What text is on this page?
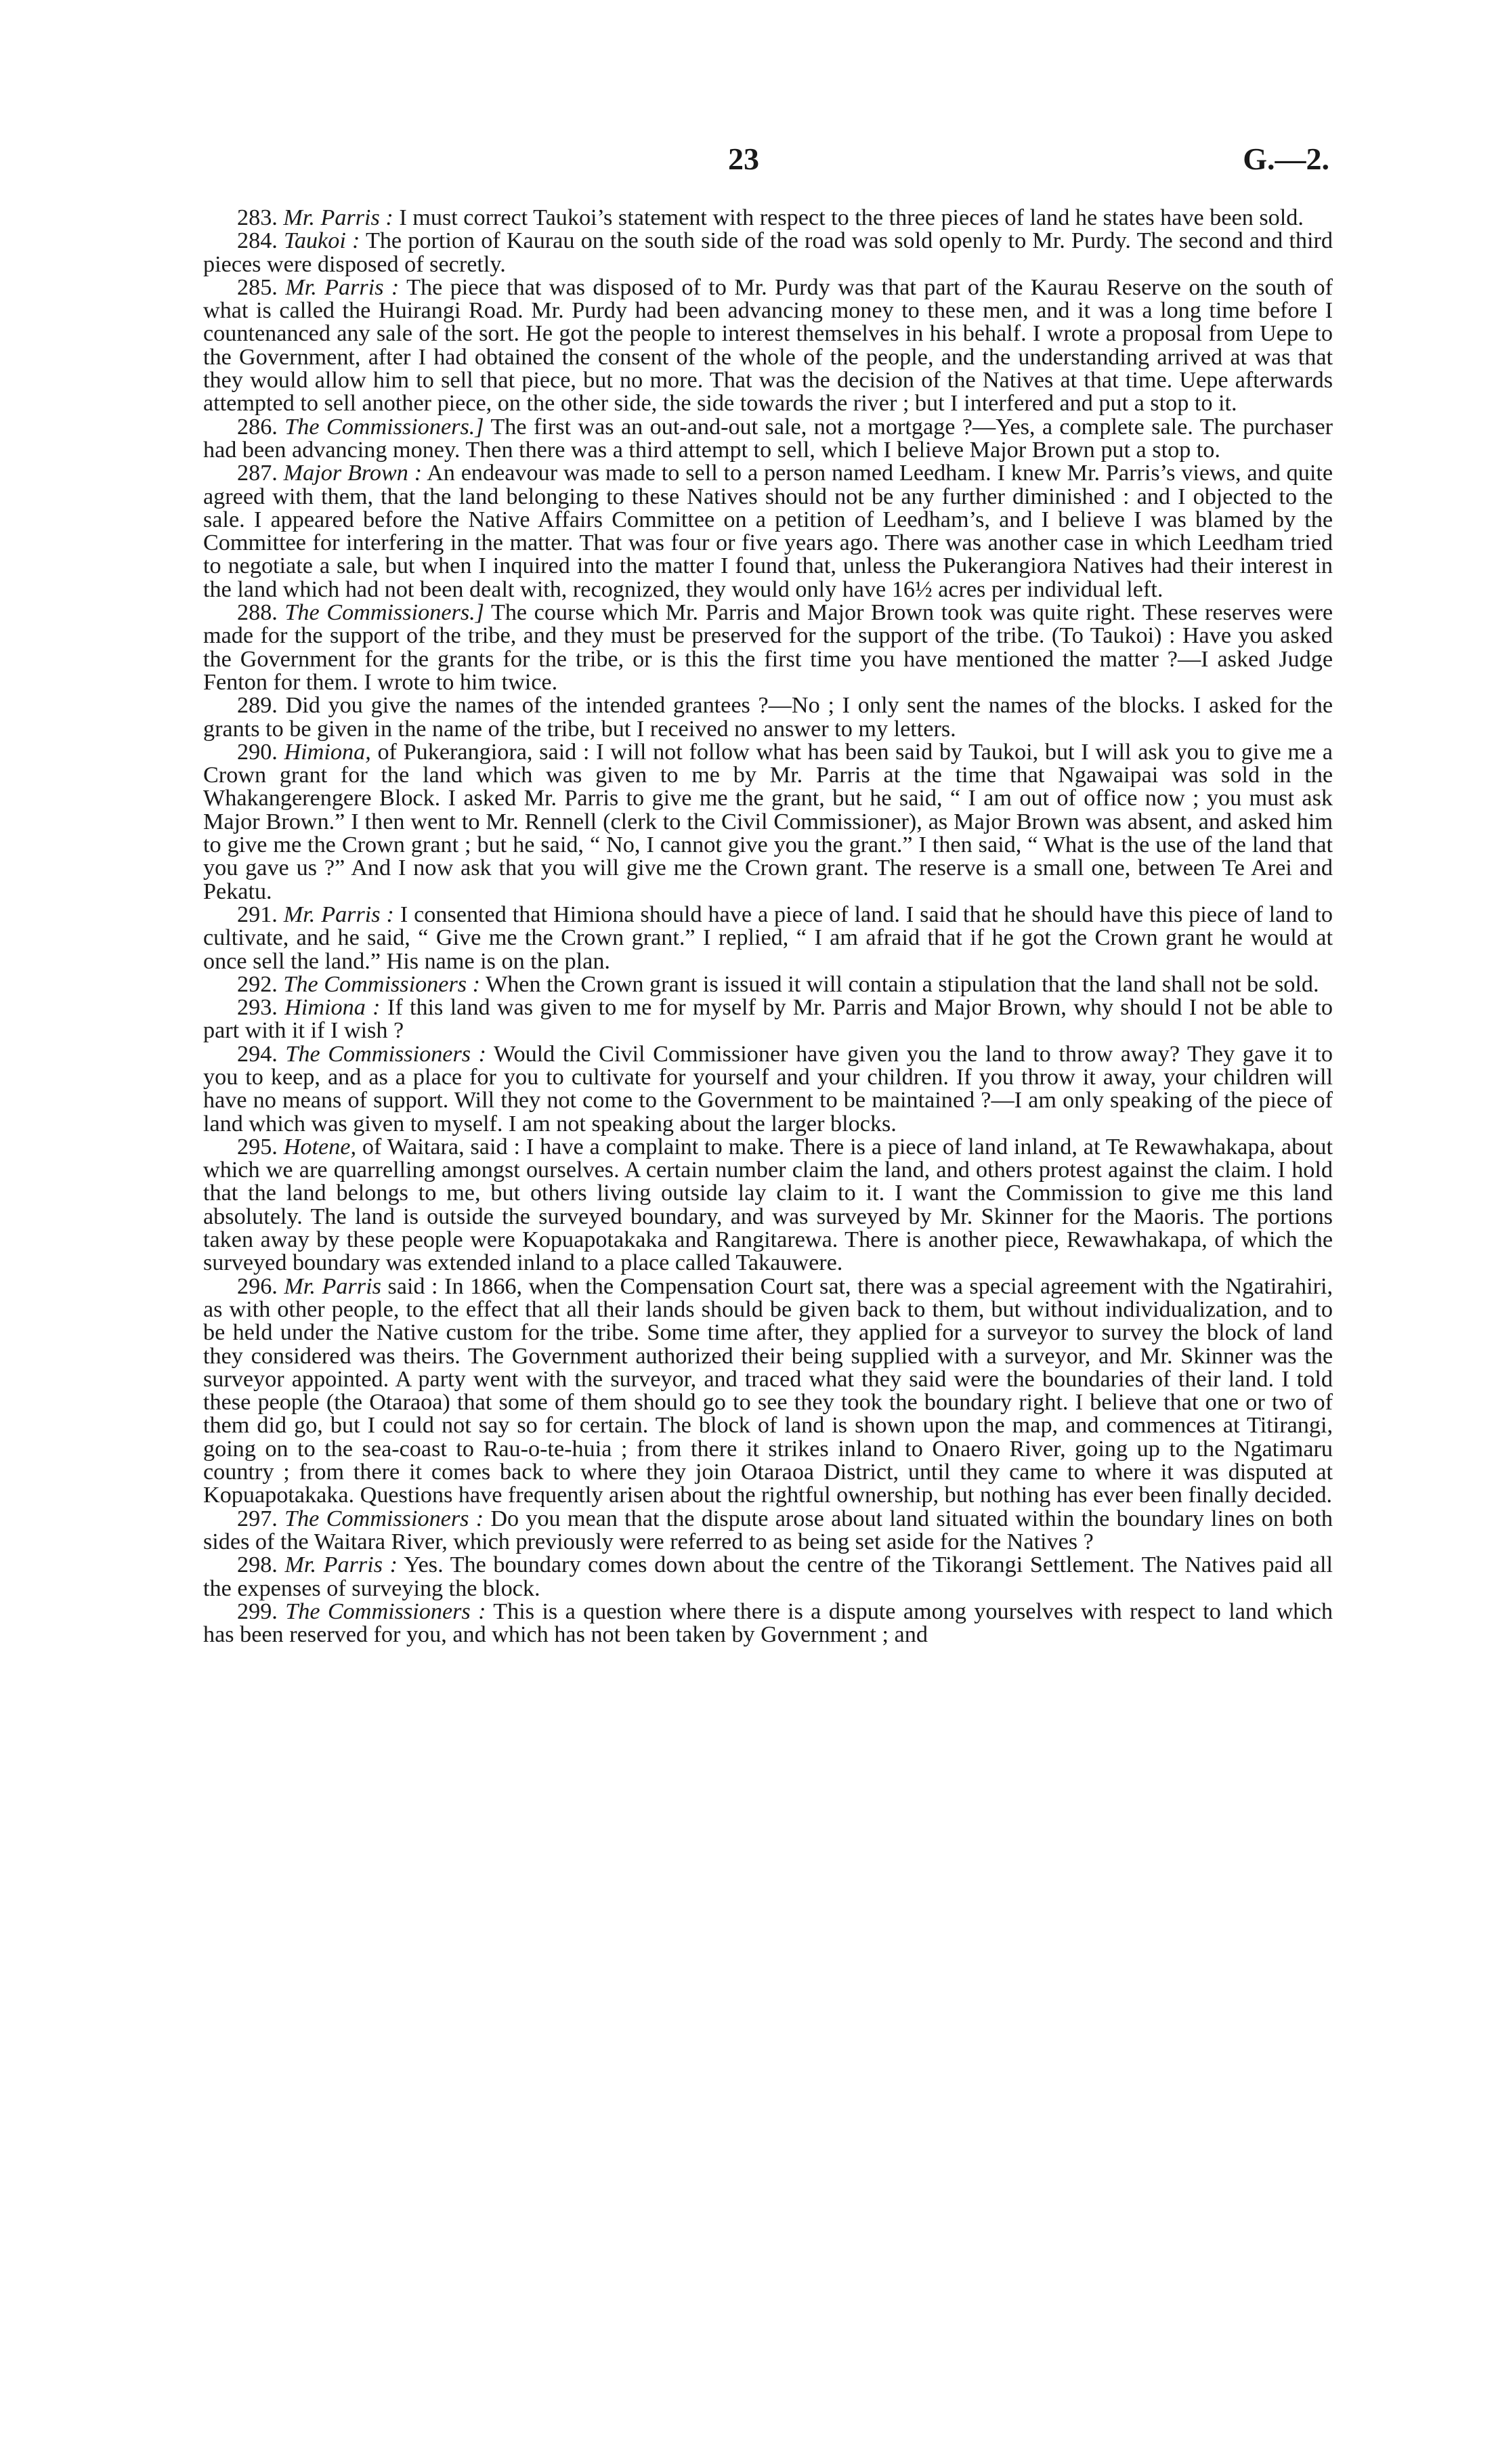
23	G.—2.

283. Mr. Parris : I must correct Taukoi’s statement with respect to the three pieces of land he states have been sold.

284. Taukoi : The portion of Kaurau on the south side of the road was sold openly to Mr. Purdy. The second and third pieces were disposed of secretly.

285. Mr. Parris : The piece that was disposed of to Mr. Purdy was that part of the Kaurau Reserve on the south of what is called the Huirangi Road. Mr. Purdy had been advancing money to these men, and it was a long time before I countenanced any sale of the sort. He got the people to interest themselves in his behalf. I wrote a proposal from Uepe to the Government, after I had obtained the consent of the whole of the people, and the understanding arrived at was that they would allow him to sell that piece, but no more. That was the decision of the Natives at that time. Uepe afterwards attempted to sell another piece, on the other side, the side towards the river ; but I interfered and put a stop to it.

286. The Commissioners.] The first was an out-and-out sale, not a mortgage ?—Yes, a complete sale. The purchaser had been advancing money. Then there was a third attempt to sell, which I believe Major Brown put a stop to.

287. Major Brown : An endeavour was made to sell to a person named Leedham. I knew Mr. Parris’s views, and quite agreed with them, that the land belonging to these Natives should not be any further diminished : and I objected to the sale. I appeared before the Native Affairs Committee on a petition of Leedham’s, and I believe I was blamed by the Committee for interfering in the matter. That was four or five years ago. There was another case in which Leedham tried to negotiate a sale, but when I inquired into the matter I found that, unless the Pukerangiora Natives had their interest in the land which had not been dealt with, recognized, they would only have 16½ acres per individual left.

288. The Commissioners.] The course which Mr. Parris and Major Brown took was quite right. These reserves were made for the support of the tribe, and they must be preserved for the support of the tribe. (To Taukoi) : Have you asked the Government for the grants for the tribe, or is this the first time you have mentioned the matter ?—I asked Judge Fenton for them. I wrote to him twice.

289. Did you give the names of the intended grantees ?—No ; I only sent the names of the blocks. I asked for the grants to be given in the name of the tribe, but I received no answer to my letters.

290. Himiona, of Pukerangiora, said : I will not follow what has been said by Taukoi, but I will ask you to give me a Crown grant for the land which was given to me by Mr. Parris at the time that Ngawaipai was sold in the Whakangerengere Block. I asked Mr. Parris to give me the grant, but he said, “ I am out of office now ; you must ask Major Brown.” I then went to Mr. Rennell (clerk to the Civil Commissioner), as Major Brown was absent, and asked him to give me the Crown grant ; but he said, “ No, I cannot give you the grant.” I then said, “ What is the use of the land that you gave us ?” And I now ask that you will give me the Crown grant. The reserve is a small one, between Te Arei and Pekatu.

291. Mr. Parris : I consented that Himiona should have a piece of land. I said that he should have this piece of land to cultivate, and he said, “ Give me the Crown grant.” I replied, “ I am afraid that if he got the Crown grant he would at once sell the land.” His name is on the plan.

292. The Commissioners : When the Crown grant is issued it will contain a stipulation that the land shall not be sold.

293. Himiona : If this land was given to me for myself by Mr. Parris and Major Brown, why should I not be able to part with it if I wish ?

294. The Commissioners : Would the Civil Commissioner have given you the land to throw away? They gave it to you to keep, and as a place for you to cultivate for yourself and your children. If you throw it away, your children will have no means of support. Will they not come to the Government to be maintained ?—I am only speaking of the piece of land which was given to myself. I am not speaking about the larger blocks.

295. Hotene, of Waitara, said : I have a complaint to make. There is a piece of land inland, at Te Rewawhakapa, about which we are quarrelling amongst ourselves. A certain number claim the land, and others protest against the claim. I hold that the land belongs to me, but others living outside lay claim to it. I want the Commission to give me this land absolutely. The land is outside the surveyed boundary, and was surveyed by Mr. Skinner for the Maoris. The portions taken away by these people were Kopuapotakaka and Rangitarewa. There is another piece, Rewawhakapa, of which the surveyed boundary was extended inland to a place called Takauwere.

296. Mr. Parris said : In 1866, when the Compensation Court sat, there was a special agreement with the Ngatirahiri, as with other people, to the effect that all their lands should be given back to them, but without individualization, and to be held under the Native custom for the tribe. Some time after, they applied for a surveyor to survey the block of land they considered was theirs. The Government authorized their being supplied with a surveyor, and Mr. Skinner was the surveyor appointed. A party went with the surveyor, and traced what they said were the boundaries of their land. I told these people (the Otaraoa) that some of them should go to see they took the boundary right. I believe that one or two of them did go, but I could not say so for certain. The block of land is shown upon the map, and commences at Titirangi, going on to the sea-coast to Rau-o-te-huia ; from there it strikes inland to Onaero River, going up to the Ngatimaru country ; from there it comes back to where they join Otaraoa District, until they came to where it was disputed at Kopuapotakaka. Questions have frequently arisen about the rightful ownership, but nothing has ever been finally decided.

297. The Commissioners : Do you mean that the dispute arose about land situated within the boundary lines on both sides of the Waitara River, which previously were referred to as being set aside for the Natives ?

298. Mr. Parris : Yes. The boundary comes down about the centre of the Tikorangi Settlement. The Natives paid all the expenses of surveying the block.

299. The Commissioners : This is a question where there is a dispute among yourselves with respect to land which has been reserved for you, and which has not been taken by Government ; and
